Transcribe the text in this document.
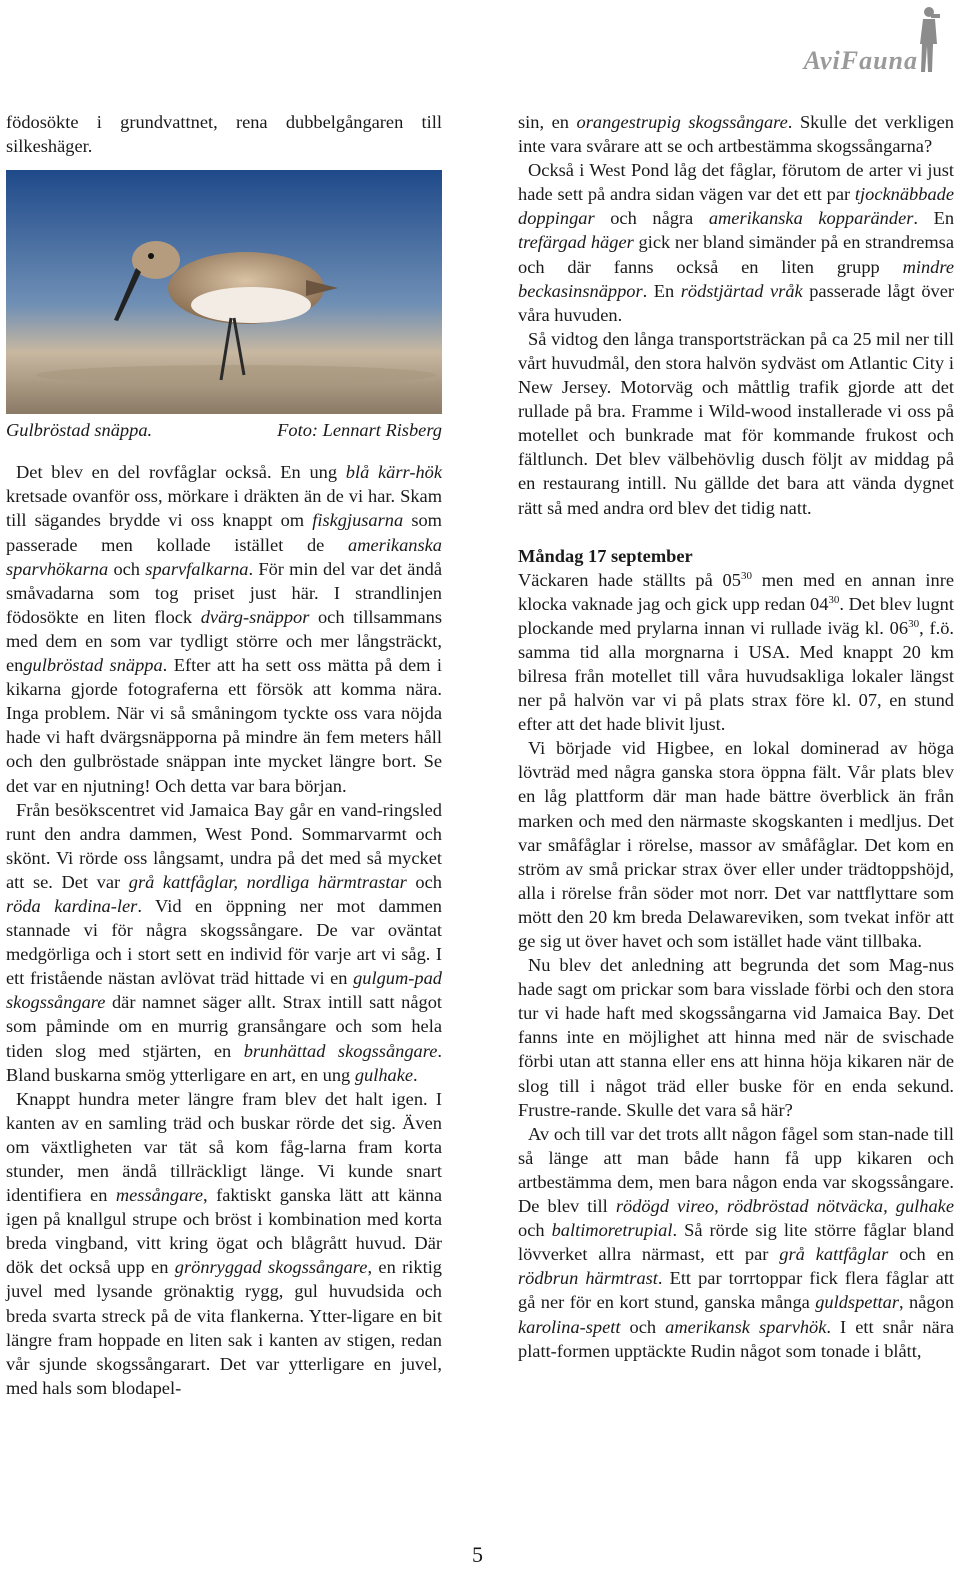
AviFauna

födosökte i grundvattnet, rena dubbelgångaren till silkeshäger.

Gulbröstad snäppa.	Foto: Lennart Risberg

Det blev en del rovfåglar också. En ung blå kärr-hök kretsade ovanför oss, mörkare i dräkten än de vi har. Skam till sägandes brydde vi oss knappt om fiskgjusarna som passerade men kollade istället de amerikanska sparvhökarna och sparvfalkarna. För min del var det ändå småvadarna som tog priset just här. I strandlinjen födosökte en liten flock dvärg-snäppor och tillsammans med dem en som var tydligt större och mer långsträckt, engulbröstad snäppa. Efter att ha sett oss mätta på dem i kikarna gjorde fotograferna ett försök att komma nära. Inga problem. När vi så småningom tyckte oss vara nöjda hade vi haft dvärgsnäpporna på mindre än fem meters håll och den gulbröstade snäppan inte mycket längre bort. Se det var en njutning! Och detta var bara början.

Från besökscentret vid Jamaica Bay går en vand-ringsled runt den andra dammen, West Pond. Sommarvarmt och skönt. Vi rörde oss långsamt, undra på det med så mycket att se. Det var grå kattfåglar, nordliga härmtrastar och röda kardina-ler. Vid en öppning ner mot dammen stannade vi för några skogssångare. De var oväntat medgörliga och i stort sett en individ för varje art vi såg. I ett fristående nästan avlövat träd hittade vi en gulgum-pad skogssångare där namnet säger allt. Strax intill satt något som påminde om en murrig gransångare och som hela tiden slog med stjärten, en brunhättad skogssångare. Bland buskarna smög ytterligare en art, en ung gulhake.

Knappt hundra meter längre fram blev det halt igen. I kanten av en samling träd och buskar rörde det sig. Även om växtligheten var tät så kom fåg-larna fram korta stunder, men ändå tillräckligt länge. Vi kunde snart identifiera en messångare, faktiskt ganska lätt att känna igen på knallgul strupe och bröst i kombination med korta breda vingband, vitt kring ögat och blågrått huvud. Där dök det också upp en grönryggad skogssångare, en riktig juvel med lysande grönaktig rygg, gul huvudsida och breda svarta streck på de vita flankerna. Ytter-ligare en bit längre fram hoppade en liten sak i kanten av stigen, redan vår sjunde skogssångarart. Det var ytterligare en juvel, med hals som blodapel-

sin, en orangestrupig skogssångare. Skulle det verkligen inte vara svårare att se och artbestämma skogssångarna?

Också i West Pond låg det fåglar, förutom de arter vi just hade sett på andra sidan vägen var det ett par tjocknäbbade doppingar och några amerikanska kopparänder. En trefärgad häger gick ner bland simänder på en strandremsa och där fanns också en liten grupp mindre beckasinsnäppor. En rödstjärtad vråk passerade lågt över våra huvuden.

Så vidtog den långa transportsträckan på ca 25 mil ner till vårt huvudmål, den stora halvön sydväst om Atlantic City i New Jersey. Motorväg och måttlig trafik gjorde att det rullade på bra. Framme i Wild-wood installerade vi oss på motellet och bunkrade mat för kommande frukost och fältlunch. Det blev välbehövlig dusch följt av middag på en restaurang intill. Nu gällde det bara att vända dygnet rätt så med andra ord blev det tidig natt.

Måndag 17 september

Väckaren hade ställts på $05^{30}$ men med en annan inre klocka vaknade jag och gick upp redan $04^{30}$. Det blev lugnt plockande med prylarna innan vi rullade iväg kl. $06^{30}$, f.ö. samma tid alla morgnarna i USA. Med knappt 20 km bilresa från motellet till våra huvudsakliga lokaler längst ner på halvön var vi på plats strax före kl. 07, en stund efter att det hade blivit ljust.

Vi började vid Higbee, en lokal dominerad av höga lövträd med några ganska stora öppna fält. Vår plats blev en låg plattform där man hade bättre överblick än från marken och med den närmaste skogskanten i medljus. Det var småfåglar i rörelse, massor av småfåglar. Det kom en ström av små prickar strax över eller under trädtoppshöjd, alla i rörelse från söder mot norr. Det var nattflyttare som mött den 20 km breda Delawareviken, som tvekat inför att ge sig ut över havet och som istället hade vänt tillbaka.

Nu blev det anledning att begrunda det som Mag-nus hade sagt om prickar som bara visslade förbi och den stora tur vi hade haft med skogssångarna vid Jamaica Bay. Det fanns inte en möjlighet att hinna med när de svischade förbi utan att stanna eller ens att hinna höja kikaren när de slog till i något träd eller buske för en enda sekund. Frustre-rande. Skulle det vara så här?

Av och till var det trots allt någon fågel som stan-nade till så länge att man både hann få upp kikaren och artbestämma dem, men bara någon enda var skogssångare. De blev till rödögd vireo, rödbröstad nötväcka, gulhake och baltimoretrupial. Så rörde sig lite större fåglar bland lövverket allra närmast, ett par grå kattfåglar och en rödbrun härmtrast. Ett par torrtoppar fick flera fåglar att gå ner för en kort stund, ganska många guldspettar, någon karolina-spett och amerikansk sparvhök. I ett snår nära platt-formen upptäckte Rudin något som tonade i blått,

5
